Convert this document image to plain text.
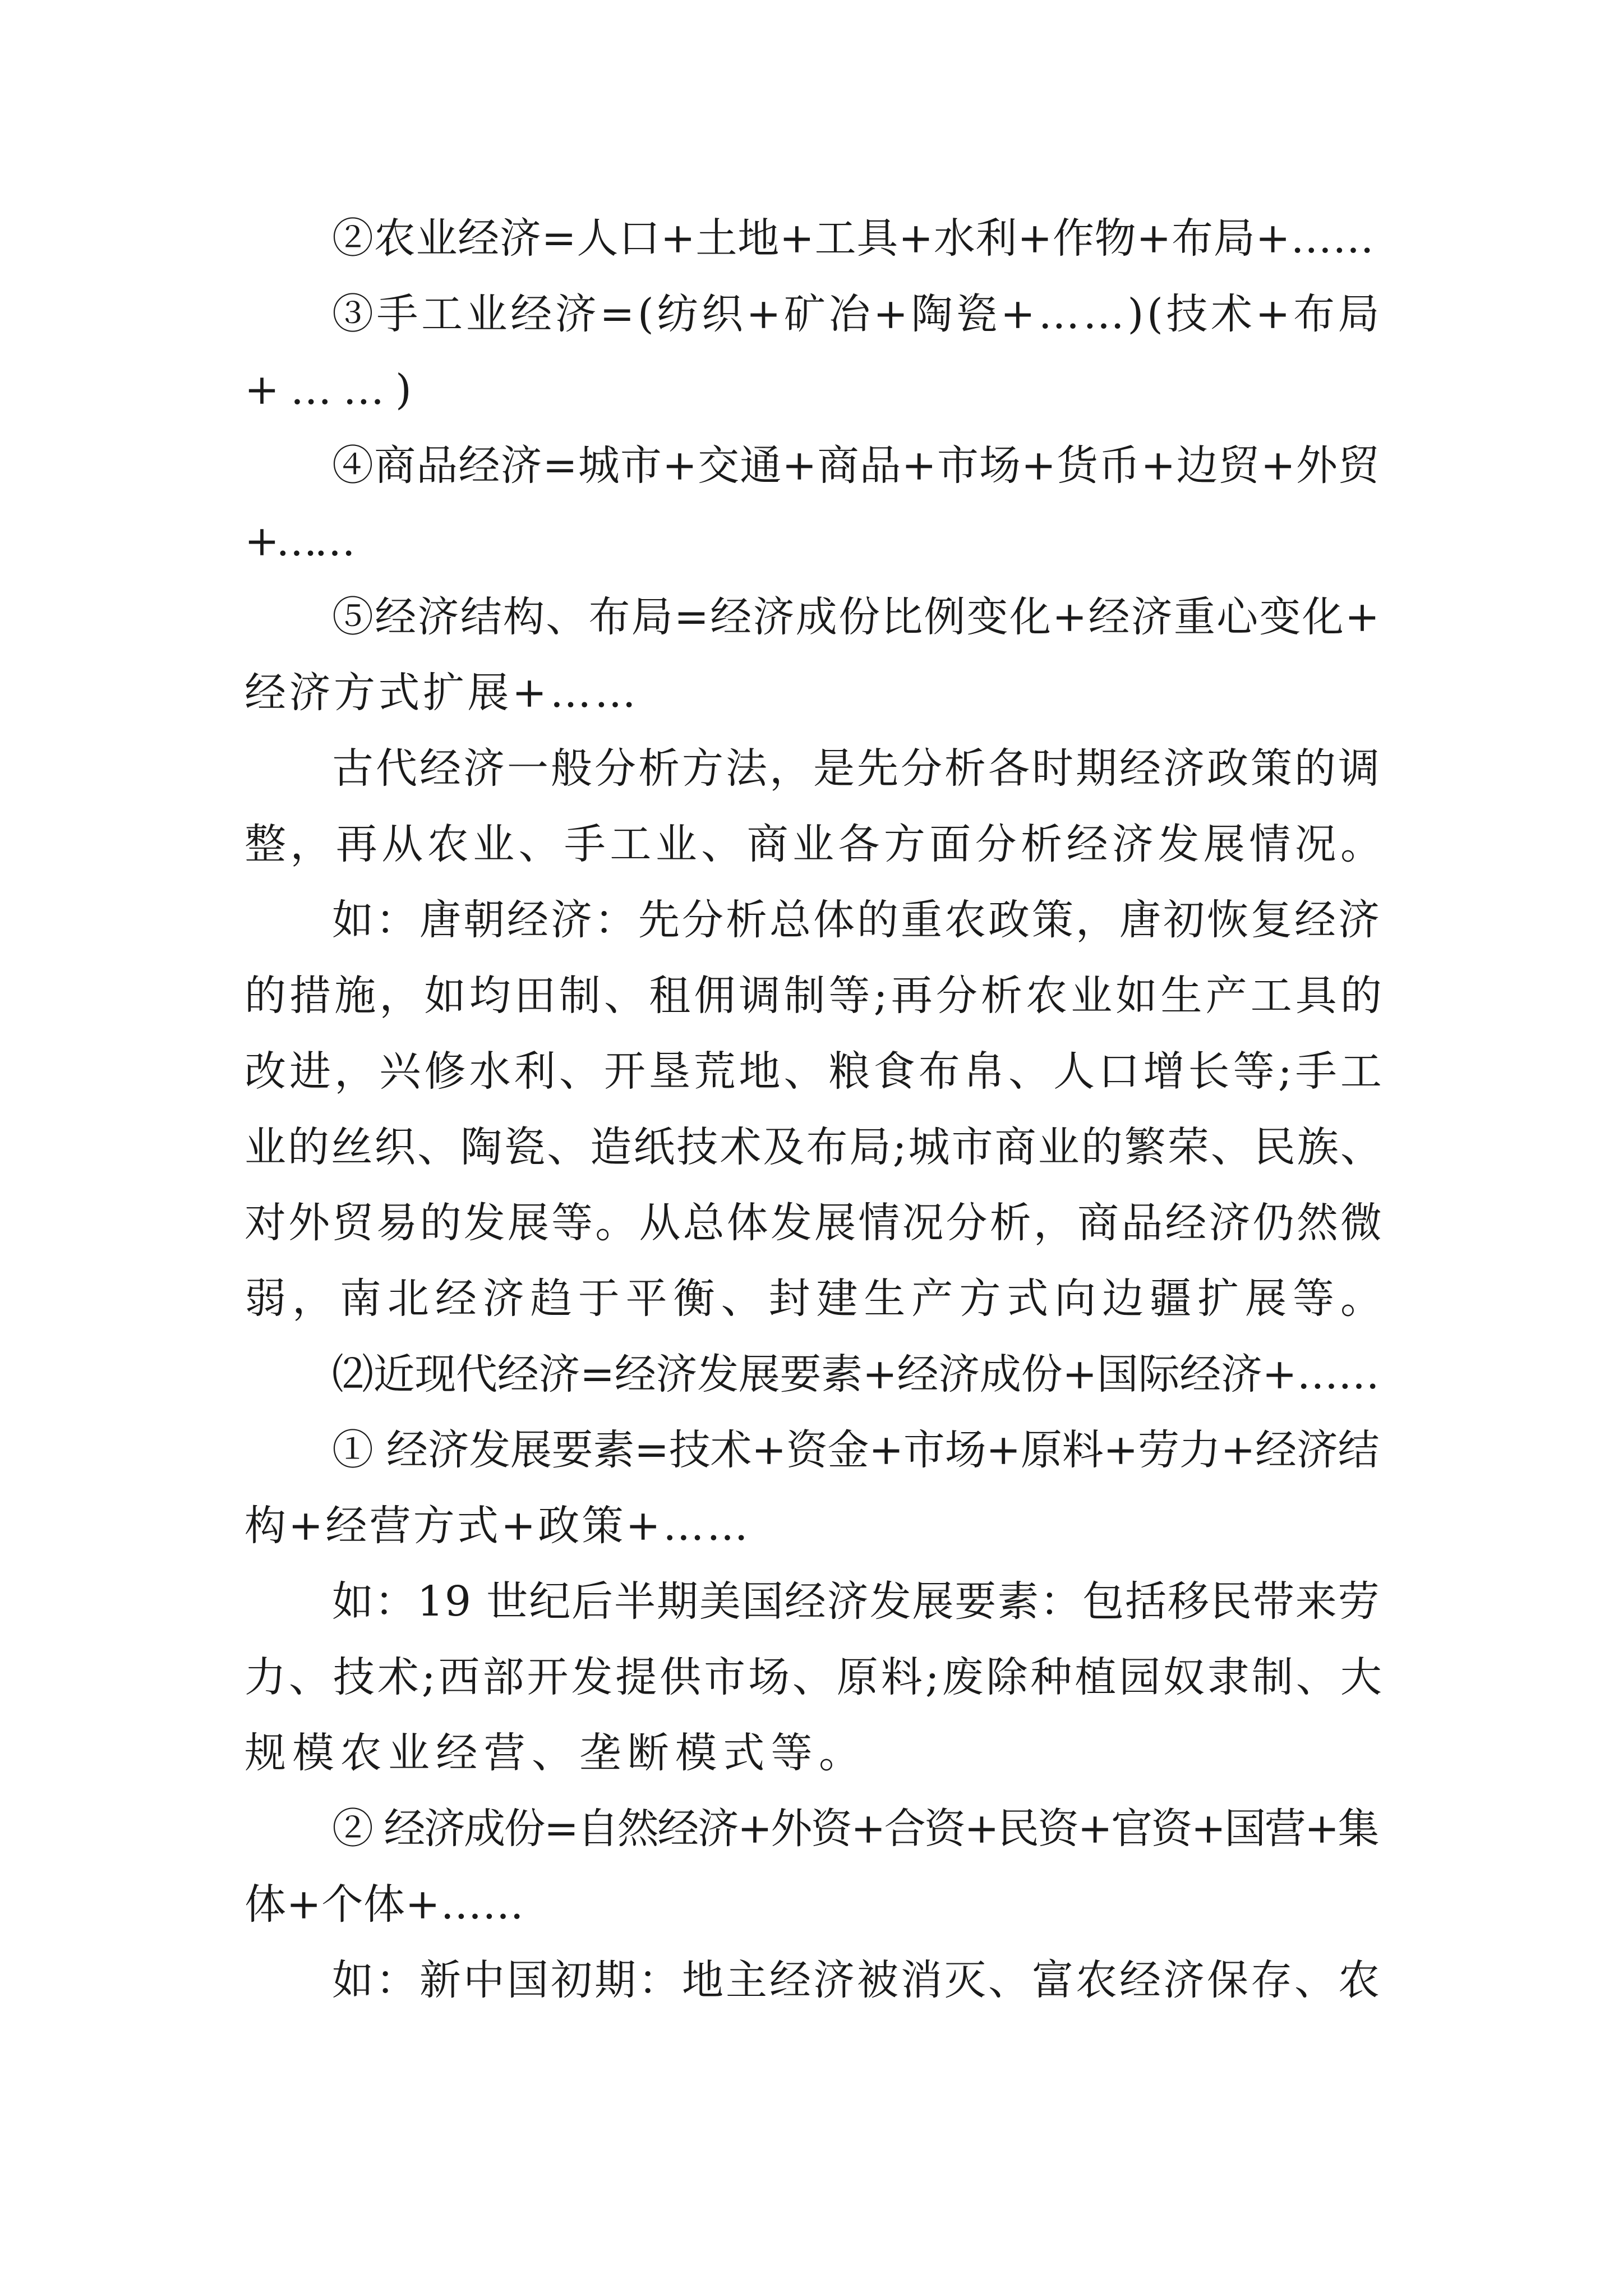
②农业经济=人口+土地+工具+水利+作物+布局+……
③手工业经济=(纺织+矿冶+陶瓷+……)(技术+布局
+……)
④商品经济=城市+交通+商品+市场+货币+边贸+外贸
+……
⑤经济结构、布局=经济成份比例变化+经济重心变化+
经济方式扩展+……
古代经济一般分析方法，是先分析各时期经济政策的调
整，再从农业、手工业、商业各方面分析经济发展情况。
如：唐朝经济：先分析总体的重农政策，唐初恢复经济
的措施，如均田制、租佣调制等;再分析农业如生产工具的
改进，兴修水利、开垦荒地、粮食布帛、人口增长等;手工
业的丝织、陶瓷、造纸技术及布局;城市商业的繁荣、民族、
对外贸易的发展等。从总体发展情况分析，商品经济仍然微
弱，南北经济趋于平衡、封建生产方式向边疆扩展等。
⑵近现代经济=经济发展要素+经济成份+国际经济+……
① 经济发展要素=技术+资金+市场+原料+劳力+经济结
构+经营方式+政策+……
如：19 世纪后半期美国经济发展要素：包括移民带来劳
力、技术;西部开发提供市场、原料;废除种植园奴隶制、大
规模农业经营、垄断模式等。
② 经济成份=自然经济+外资+合资+民资+官资+国营+集
体+个体+……
如：新中国初期：地主经济被消灭、富农经济保存、农
